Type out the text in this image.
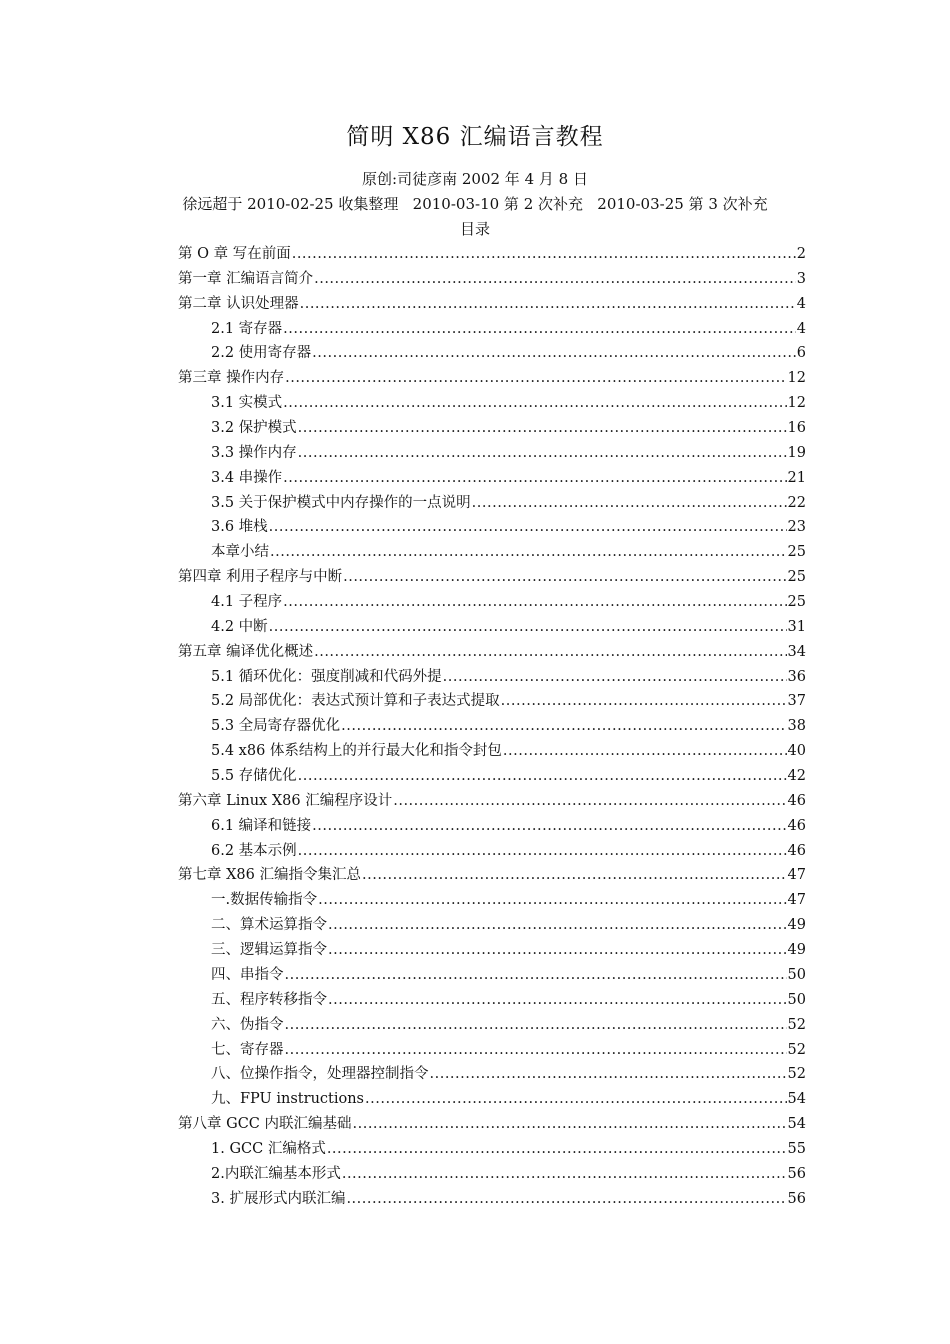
简明 X86 汇编语言教程
原创:司徒彦南 2002 年 4 月 8 日
徐远超于 2010-02-25 收集整理   2010-03-10 第 2 次补充   2010-03-25 第 3 次补充
目录
第 O 章 写在前面 .....	2
第一章 汇编语言简介 .....	3
第二章 认识处理器 .....	4
2.1 寄存器 .....	4
2.2 使用寄存器 .....	6
第三章 操作内存 .....	12
3.1 实模式 .....	12
3.2 保护模式 .....	16
3.3 操作内存 .....	19
3.4 串操作 .....	21
3.5 关于保护模式中内存操作的一点说明 .....	22
3.6 堆栈 .....	23
本章小结 .....	25
第四章 利用子程序与中断 .....	25
4.1 子程序 .....	25
4.2 中断 .....	31
第五章 编译优化概述 .....	34
5.1 循环优化：强度削减和代码外提 .....	36
5.2 局部优化：表达式预计算和子表达式提取 .....	37
5.3 全局寄存器优化 .....	38
5.4 x86 体系结构上的并行最大化和指令封包 .....	40
5.5 存储优化 .....	42
第六章 Linux X86 汇编程序设计 .....	46
6.1 编译和链接 .....	46
6.2 基本示例 .....	46
第七章 X86 汇编指令集汇总 .....	47
一.数据传输指令 .....	47
二、算术运算指令 .....	49
三、逻辑运算指令 .....	49
四、串指令 .....	50
五、程序转移指令 .....	50
六、伪指令 .....	52
七、寄存器 .....	52
八、位操作指令，处理器控制指令 .....	52
九、FPU instructions .....	54
第八章 GCC 内联汇编基础 .....	54
1. GCC 汇编格式 .....	55
2.内联汇编基本形式 .....	56
3. 扩展形式内联汇编 .....	56
